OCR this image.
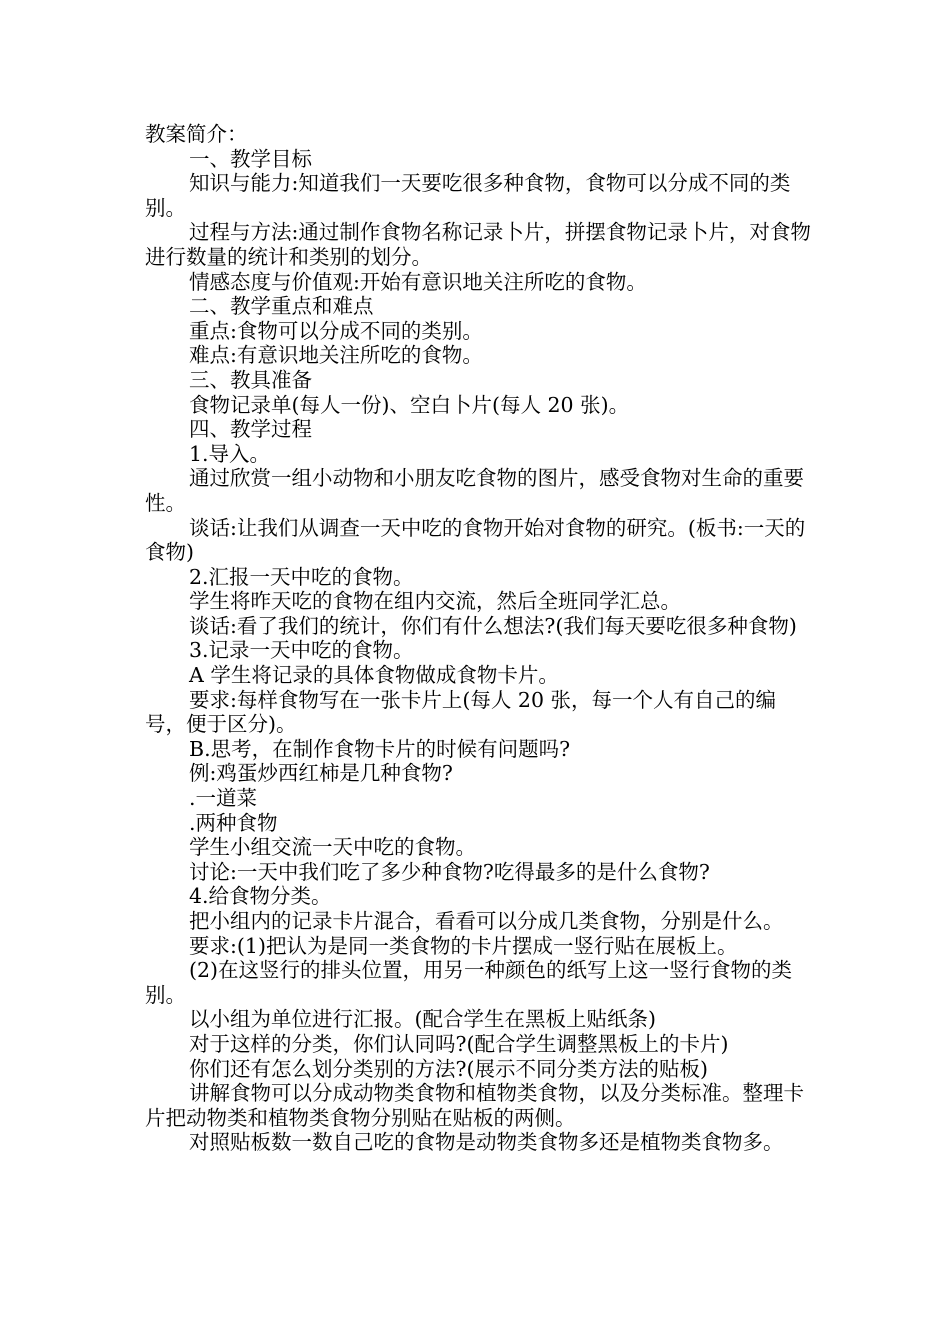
教案简介：

一、教学目标

知识与能力:知道我们一天要吃很多种食物，食物可以分成不同的类别。

过程与方法:通过制作食物名称记录卜片，拼摆食物记录卜片，对食物进行数量的统计和类别的划分。

情感态度与价值观:开始有意识地关注所吃的食物。

二、教学重点和难点

重点:食物可以分成不同的类别。

难点:有意识地关注所吃的食物。

三、教具准备

食物记录单(每人一份)、空白卜片(每人 20 张)。

四、教学过程

1.导入。

通过欣赏一组小动物和小朋友吃食物的图片，感受食物对生命的重要性。

谈话:让我们从调查一天中吃的食物开始对食物的研究。(板书:一天的食物)

2.汇报一天中吃的食物。

学生将昨天吃的食物在组内交流，然后全班同学汇总。

谈话:看了我们的统计，你们有什么想法?(我们每天要吃很多种食物)

3.记录一天中吃的食物。

A 学生将记录的具体食物做成食物卡片。

要求:每样食物写在一张卡片上(每人 20 张，每一个人有自己的编号，便于区分)。

B.思考，在制作食物卡片的时候有问题吗?

例:鸡蛋炒西红柿是几种食物?

.一道菜

.两种食物

学生小组交流一天中吃的食物。

讨论:一天中我们吃了多少种食物?吃得最多的是什么食物?

4.给食物分类。

把小组内的记录卡片混合，看看可以分成几类食物，分别是什么。

要求:(1)把认为是同一类食物的卡片摆成一竖行贴在展板上。

(2)在这竖行的排头位置，用另一种颜色的纸写上这一竖行食物的类别。

以小组为单位进行汇报。(配合学生在黑板上贴纸条)

对于这样的分类，你们认同吗?(配合学生调整黑板上的卡片)

你们还有怎么划分类别的方法?(展示不同分类方法的贴板)

讲解食物可以分成动物类食物和植物类食物，以及分类标准。整理卡片把动物类和植物类食物分别贴在贴板的两侧。

对照贴板数一数自己吃的食物是动物类食物多还是植物类食物多。
